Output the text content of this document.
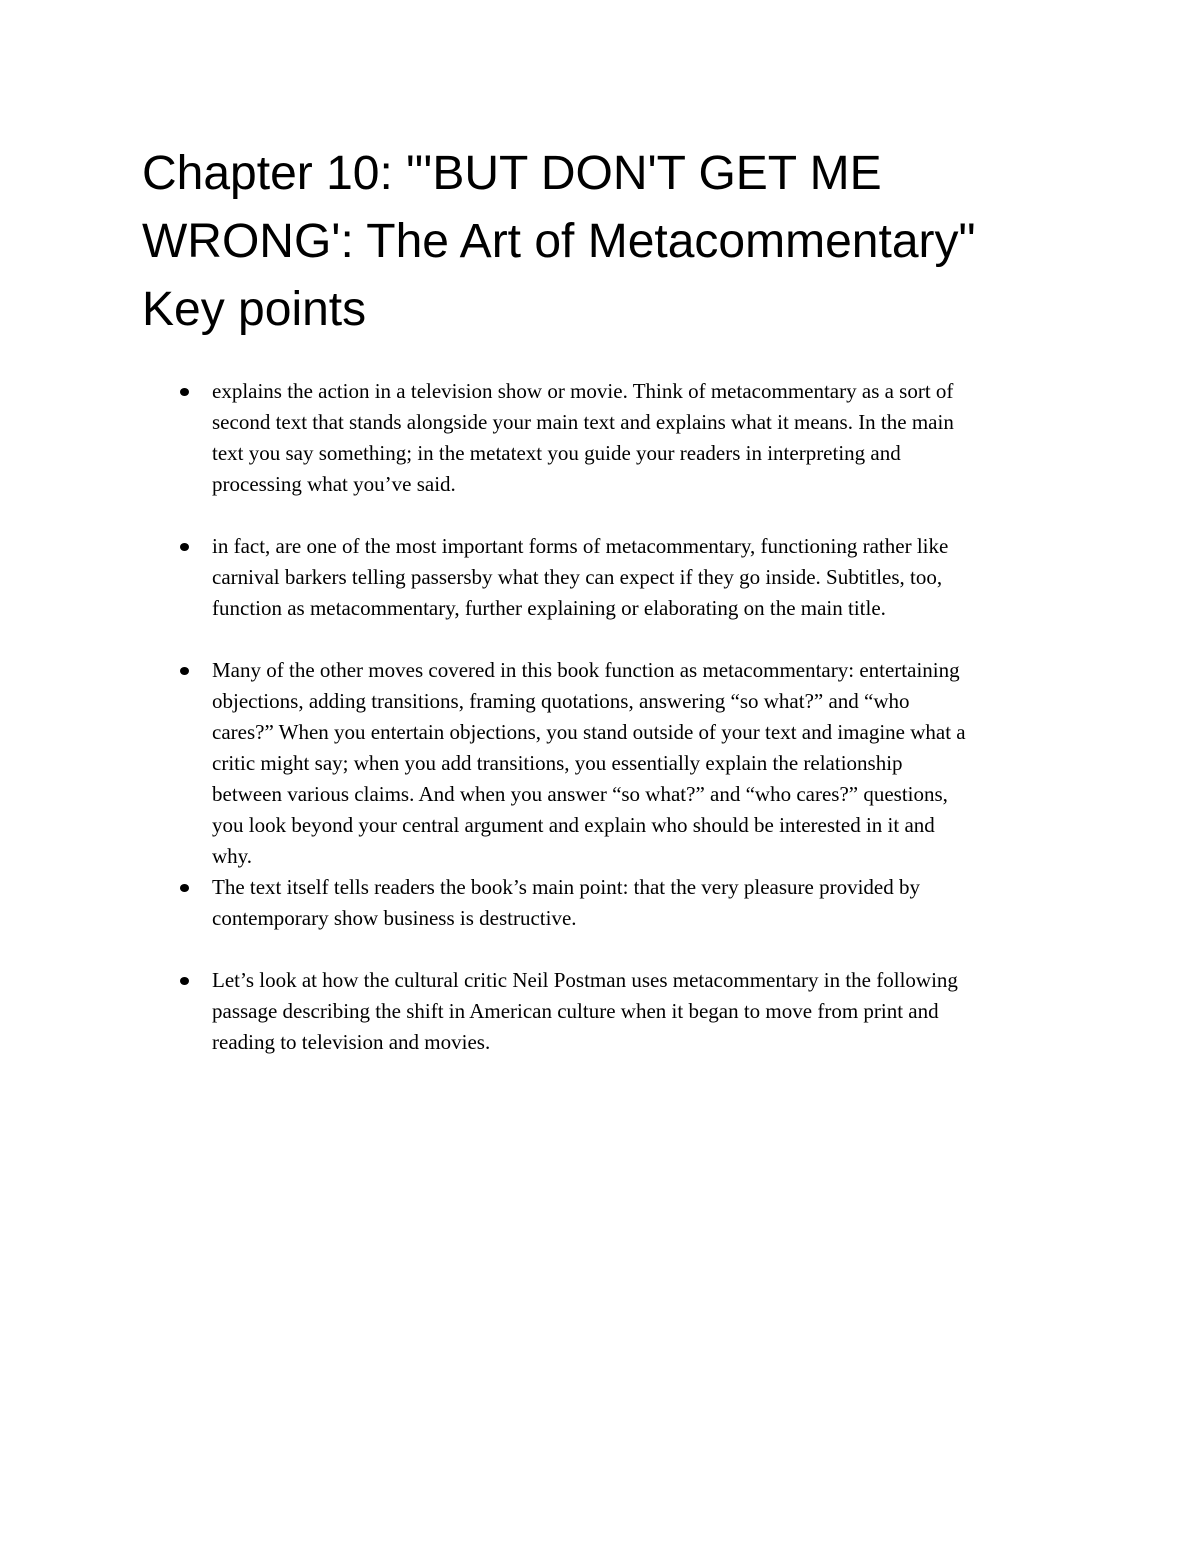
Chapter 10: "'BUT DON'T GET ME
WRONG': The Art of Metacommentary"
Key points
explains the action in a television show or movie. Think of metacommentary as a sort of
second text that stands alongside your main text and explains what it means. In the main
text you say something; in the metatext you guide your readers in interpreting and
processing what you’ve said.
in fact, are one of the most important forms of metacommentary, functioning rather like
carnival barkers telling passersby what they can expect if they go inside. Subtitles, too,
function as metacommentary, further explaining or elaborating on the main title.
Many of the other moves covered in this book function as metacommentary: entertaining
objections, adding transitions, framing quotations, answering “so what?” and “who
cares?” When you entertain objections, you stand outside of your text and imagine what a
critic might say; when you add transitions, you essentially explain the relationship
between various claims. And when you answer “so what?” and “who cares?” questions,
you look beyond your central argument and explain who should be interested in it and
why.
The text itself tells readers the book’s main point: that the very pleasure provided by
contemporary show business is destructive.
Let’s look at how the cultural critic Neil Postman uses metacommentary in the following
passage describing the shift in American culture when it began to move from print and
reading to television and movies.
